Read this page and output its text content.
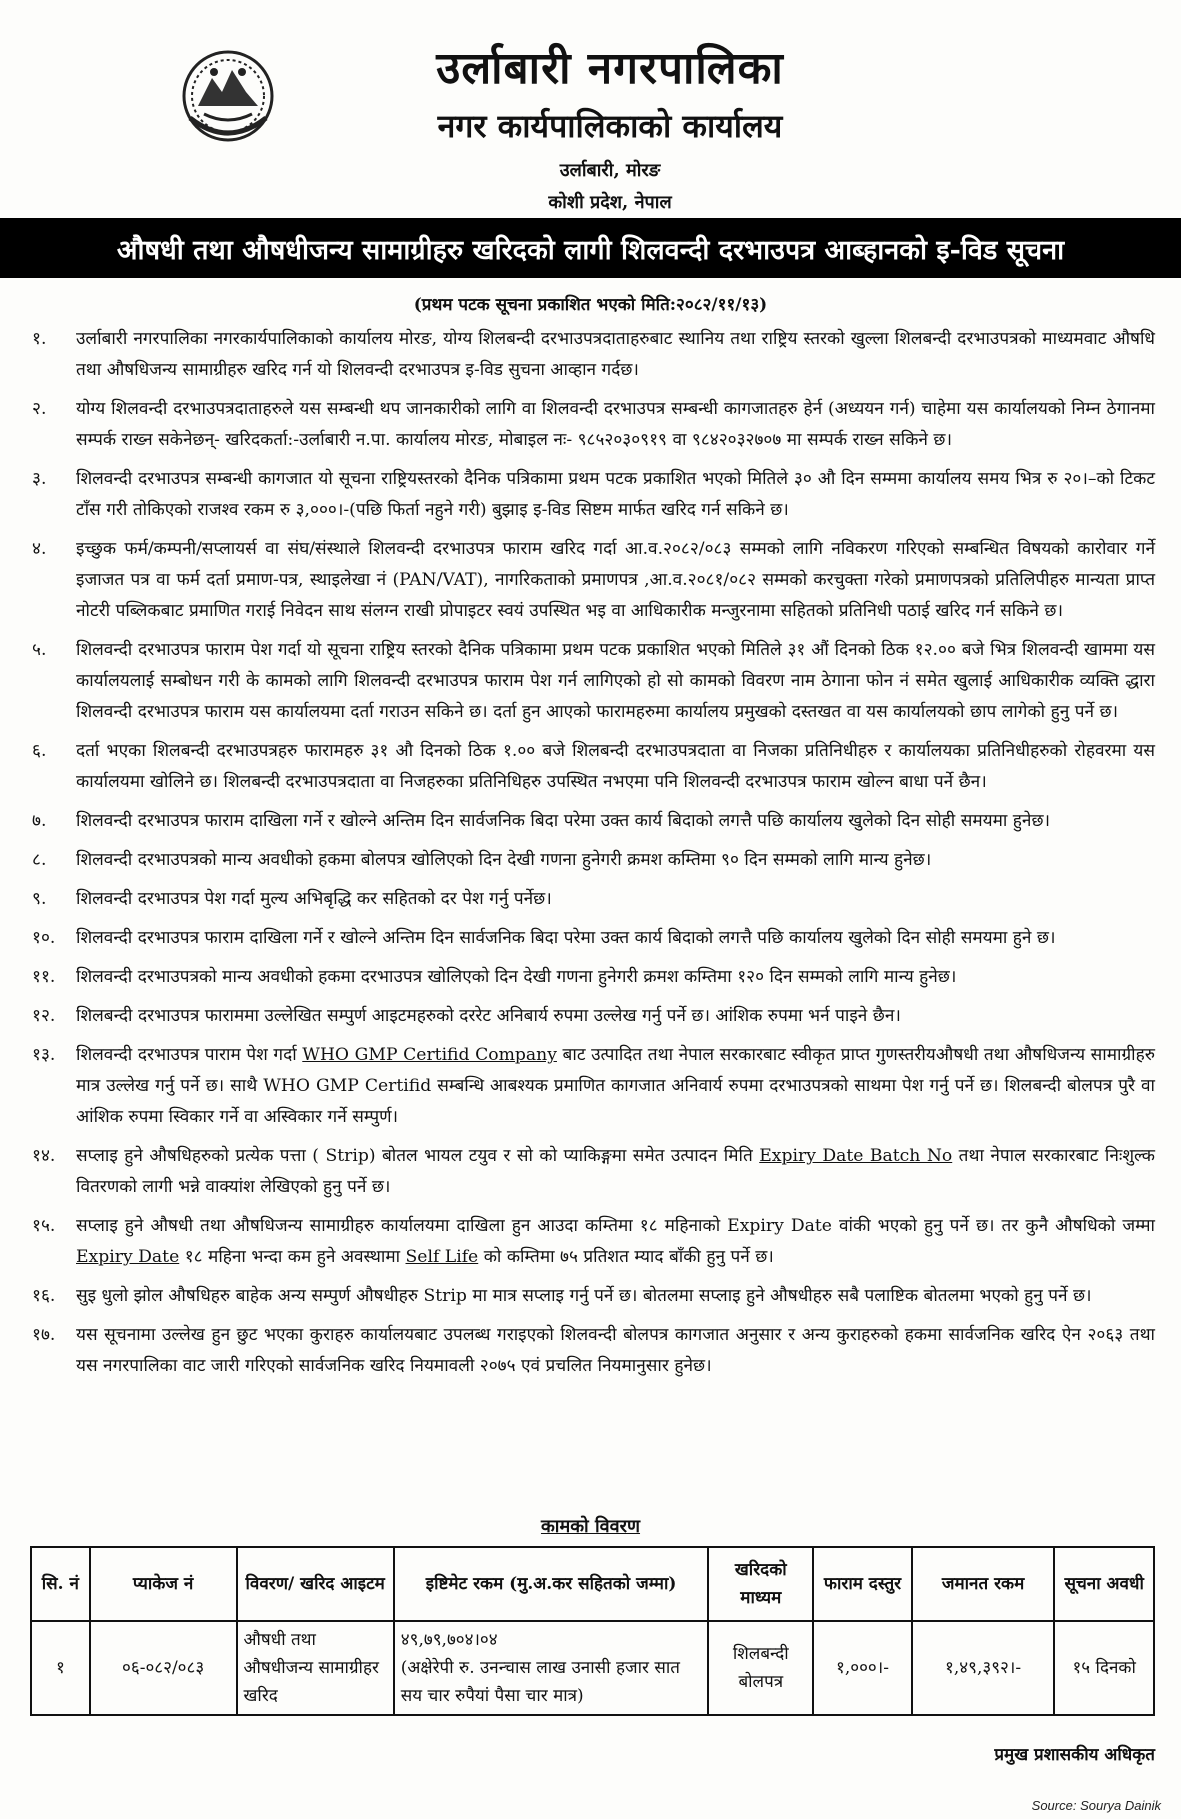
उर्लाबारी नगरपालिका
नगर कार्यपालिकाको कार्यालय
उर्लाबारी, मोरङ
कोशी प्रदेश, नेपाल
औषधी तथा औषधीजन्य सामाग्रीहरु खरिदको लागी शिलवन्दी दरभाउपत्र आब्हानको इ-विड सूचना
(प्रथम पटक सूचना प्रकाशित भएको मिति:२०८२/११/१३)
१.	उर्लाबारी नगरपालिका नगरकार्यपालिकाको कार्यालय मोरङ, योग्य शिलबन्दी दरभाउपत्रदाताहरुबाट स्थानिय तथा राष्ट्रिय स्तरको खुल्ला शिलबन्दी दरभाउपत्रको माध्यमवाट औषधि तथा औषधिजन्य सामाग्रीहरु खरिद गर्न यो शिलवन्दी दरभाउपत्र इ-विड सुचना आव्हान गर्दछ।
२.	योग्य शिलवन्दी दरभाउपत्रदाताहरुले यस सम्बन्धी थप जानकारीको लागि वा शिलवन्दी दरभाउपत्र सम्बन्धी कागजातहरु हेर्न (अध्ययन गर्न) चाहेमा यस कार्यालयको निम्न ठेगानमा सम्पर्क राख्न सकेनेछन्- खरिदकर्ता:-उर्लाबारी न.पा. कार्यालय मोरङ, मोबाइल नः- ९८५२०३०९१९ वा ९८४२०३२७०७ मा सम्पर्क राख्न सकिने छ।
३.	शिलवन्दी दरभाउपत्र सम्बन्धी कागजात यो सूचना राष्ट्रियस्तरको दैनिक पत्रिकामा प्रथम पटक प्रकाशित भएको मितिले ३० औ दिन सम्ममा कार्यालय समय भित्र रु २०।–को टिकट टाँस गरी तोकिएको राजश्व रकम रु ३,०००।-(पछि फिर्ता नहुने गरी) बुझाइ इ-विड सिष्टम मार्फत खरिद गर्न सकिने छ।
४.	इच्छुक फर्म/कम्पनी/सप्लायर्स वा संघ/संस्थाले शिलवन्दी दरभाउपत्र फाराम खरिद गर्दा आ.व.२०८२/०८३ सम्मको लागि नविकरण गरिएको सम्बन्धित विषयको कारोवार गर्ने इजाजत पत्र वा फर्म दर्ता प्रमाण-पत्र, स्थाइलेखा नं (PAN/VAT), नागरिकताको प्रमाणपत्र ,आ.व.२०८१/०८२ सम्मको करचुक्ता गरेको प्रमाणपत्रको प्रतिलिपीहरु मान्यता प्राप्त नोटरी पब्लिकबाट प्रमाणित गराई निवेदन साथ संलग्न राखी प्रोपाइटर स्वयं उपस्थित भइ वा आधिकारीक मन्जुरनामा सहितको प्रतिनिधी पठाई खरिद गर्न सकिने छ।
५.	शिलवन्दी दरभाउपत्र फाराम पेश गर्दा यो सूचना राष्ट्रिय स्तरको दैनिक पत्रिकामा प्रथम पटक प्रकाशित भएको मितिले ३१ औं दिनको ठिक १२.०० बजे भित्र शिलवन्दी खाममा यस कार्यालयलाई सम्बोधन गरी के कामको लागि शिलवन्दी दरभाउपत्र फाराम पेश गर्न लागिएको हो सो कामको विवरण नाम ठेगाना फोन नं समेत खुलाई आधिकारीक व्यक्ति द्धारा शिलवन्दी दरभाउपत्र फाराम यस कार्यालयमा दर्ता गराउन सकिने छ। दर्ता हुन आएको फारामहरुमा कार्यालय प्रमुखको दस्तखत वा यस कार्यालयको छाप लागेको हुनु पर्ने छ।
६.	दर्ता भएका शिलबन्दी दरभाउपत्रहरु फारामहरु ३१ औ दिनको ठिक १.०० बजे शिलबन्दी दरभाउपत्रदाता वा निजका प्रतिनिधीहरु र कार्यालयका प्रतिनिधीहरुको रोहवरमा यस कार्यालयमा खोलिने छ। शिलबन्दी दरभाउपत्रदाता वा निजहरुका प्रतिनिधिहरु उपस्थित नभएमा पनि शिलवन्दी दरभाउपत्र फाराम खोल्न बाधा पर्ने छैन।
७.	शिलवन्दी दरभाउपत्र फाराम दाखिला गर्ने र खोल्ने अन्तिम दिन सार्वजनिक बिदा परेमा उक्त कार्य बिदाको लगत्तै पछि कार्यालय खुलेको दिन सोही समयमा हुनेछ।
८.	शिलवन्दी दरभाउपत्रको मान्य अवधीको हकमा बोलपत्र खोलिएको दिन देखी गणना हुनेगरी क्रमश कम्तिमा ९० दिन सम्मको लागि मान्य हुनेछ।
९.	शिलवन्दी दरभाउपत्र पेश गर्दा मुल्य अभिबृद्धि कर सहितको दर पेश गर्नु पर्नेछ।
१०.	शिलवन्दी दरभाउपत्र फाराम दाखिला गर्ने र खोल्ने अन्तिम दिन सार्वजनिक बिदा परेमा उक्त कार्य बिदाको लगत्तै पछि कार्यालय खुलेको दिन सोही समयमा हुने छ।
११.	शिलवन्दी दरभाउपत्रको मान्य अवधीको हकमा दरभाउपत्र खोलिएको दिन देखी गणना हुनेगरी क्रमश कम्तिमा १२० दिन सम्मको लागि मान्य हुनेछ।
१२.	शिलबन्दी दरभाउपत्र फाराममा उल्लेखित सम्पुर्ण आइटमहरुको दररेट अनिबार्य रुपमा उल्लेख गर्नु पर्ने छ। आंशिक रुपमा भर्न पाइने छैन।
१३.	शिलवन्दी दरभाउपत्र पाराम पेश गर्दा WHO GMP Certifid Company बाट उत्पादित तथा नेपाल सरकारबाट स्वीकृत प्राप्त गुणस्तरीयऔषधी तथा औषधिजन्य सामाग्रीहरु मात्र उल्लेख गर्नु पर्ने छ। साथै WHO GMP Certifid सम्बन्धि आबश्यक प्रमाणित कागजात अनिवार्य रुपमा दरभाउपत्रको साथमा पेश गर्नु पर्ने छ। शिलबन्दी बोलपत्र पुरै वा आंशिक रुपमा स्विकार गर्ने वा अस्विकार गर्ने सम्पुर्ण।
१४.	सप्लाइ हुने औषधिहरुको प्रत्येक पत्ता ( Strip) बोतल भायल टयुव र सो को प्याकिङ्गमा समेत उत्पादन मिति Expiry Date Batch No तथा नेपाल सरकारबाट निःशुल्क वितरणको लागी भन्ने वाक्यांश लेखिएको हुनु पर्ने छ।
१५.	सप्लाइ हुने औषधी तथा औषधिजन्य सामाग्रीहरु कार्यालयमा दाखिला हुन आउदा कम्तिमा १८ महिनाको Expiry Date वांकी भएको हुनु पर्ने छ। तर कुनै औषधिको जम्मा Expiry Date १८ महिना भन्दा कम हुने अवस्थामा Self Life को कम्तिमा ७५ प्रतिशत म्याद बाँकी हुनु पर्ने छ।
१६.	सुइ धुलो झोल औषधिहरु बाहेक अन्य सम्पुर्ण औषधीहरु Strip मा मात्र सप्लाइ गर्नु पर्ने छ। बोतलमा सप्लाइ हुने औषधीहरु सबै पलाष्टिक बोतलमा भएको हुनु पर्ने छ।
१७.	यस सूचनामा उल्लेख हुन छुट भएका कुराहरु कार्यालयबाट उपलब्ध गराइएको शिलवन्दी बोलपत्र कागजात अनुसार र अन्य कुराहरुको हकमा सार्वजनिक खरिद ऐन २०६३ तथा यस नगरपालिका वाट जारी गरिएको सार्वजनिक खरिद नियमावली २०७५ एवं प्रचलित नियमानुसार हुनेछ।
कामको विवरण
सि. नं	प्याकेज नं	विवरण/ खरिद आइटम	इष्टिमेट रकम (मु.अ.कर सहितको जम्मा)	खरिदको माध्यम	फाराम दस्तुर	जमानत रकम	सूचना अवधी
१	०६-०८२/०८३	औषधी तथा औषधीजन्य सामाग्रीहर खरिद	४९,७९,७०४।०४
(अक्षेरेपी रु. उनन्चास लाख उनासी हजार सात सय चार रुपैयां पैसा चार मात्र)	शिलबन्दी बोलपत्र	१,०००।-	१,४९,३९२।-	१५ दिनको
प्रमुख प्रशासकीय अधिकृत
Source: Sourya Dainik
